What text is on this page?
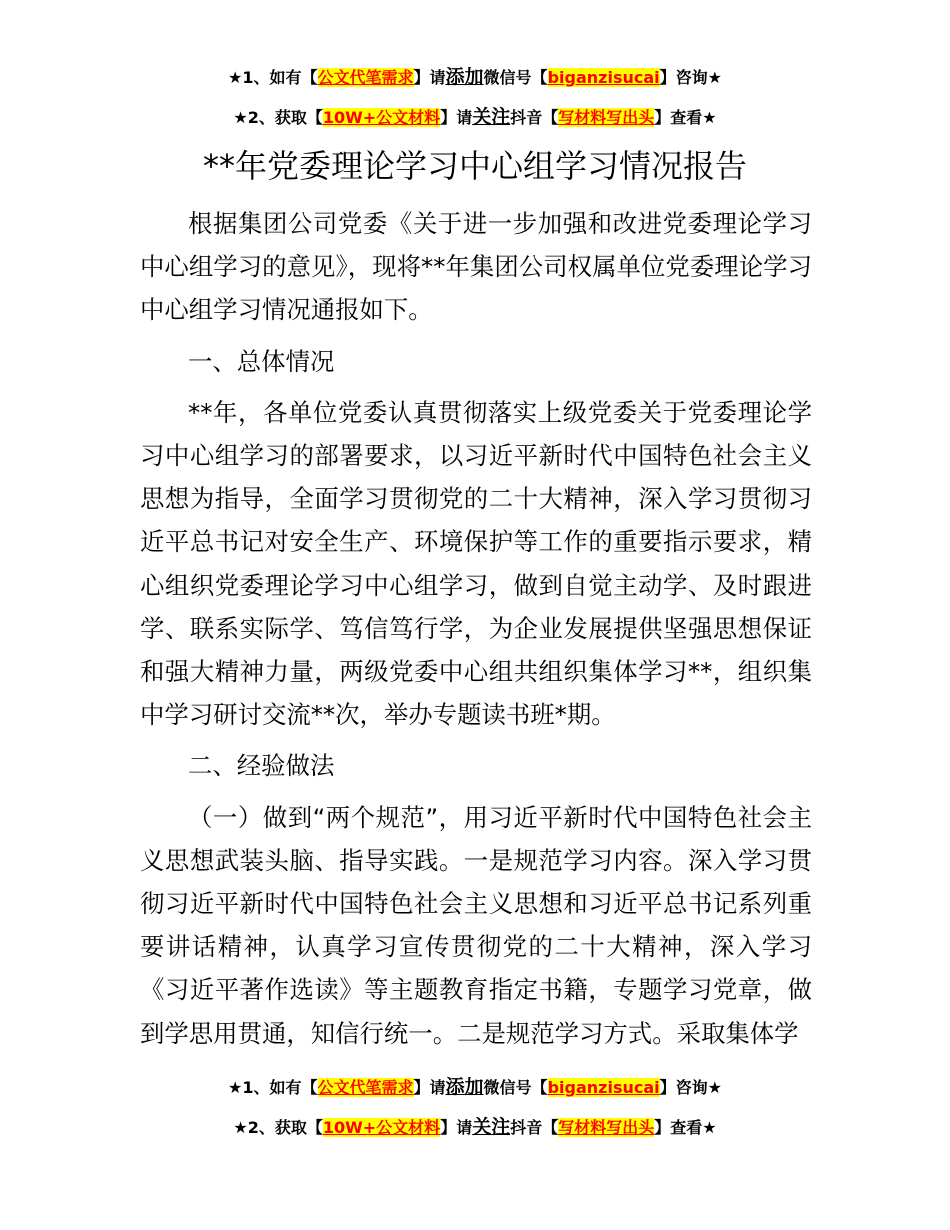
★1、如有【公文代笔需求】请添加微信号【biganzisucai】咨询★
★2、获取【10W+公文材料】请关注抖音【写材料写出头】查看★
**年党委理论学习中心组学习情况报告

根据集团公司党委《关于进一步加强和改进党委理论学习中心组学习的意见》，现将**年集团公司权属单位党委理论学习中心组学习情况通报如下。

一、总体情况

**年，各单位党委认真贯彻落实上级党委关于党委理论学习中心组学习的部署要求，以习近平新时代中国特色社会主义思想为指导，全面学习贯彻党的二十大精神，深入学习贯彻习近平总书记对安全生产、环境保护等工作的重要指示要求，精心组织党委理论学习中心组学习，做到自觉主动学、及时跟进学、联系实际学、笃信笃行学，为企业发展提供坚强思想保证和强大精神力量，两级党委中心组共组织集体学习**，组织集中学习研讨交流**次，举办专题读书班*期。

二、经验做法

（一）做到“两个规范”，用习近平新时代中国特色社会主义思想武装头脑、指导实践。一是规范学习内容。深入学习贯彻习近平新时代中国特色社会主义思想和习近平总书记系列重要讲话精神，认真学习宣传贯彻党的二十大精神，深入学习《习近平著作选读》等主题教育指定书籍，专题学习党章，做到学思用贯通，知信行统一。二是规范学习方式。采取集体学

★1、如有【公文代笔需求】请添加微信号【biganzisucai】咨询★
★2、获取【10W+公文材料】请关注抖音【写材料写出头】查看★
